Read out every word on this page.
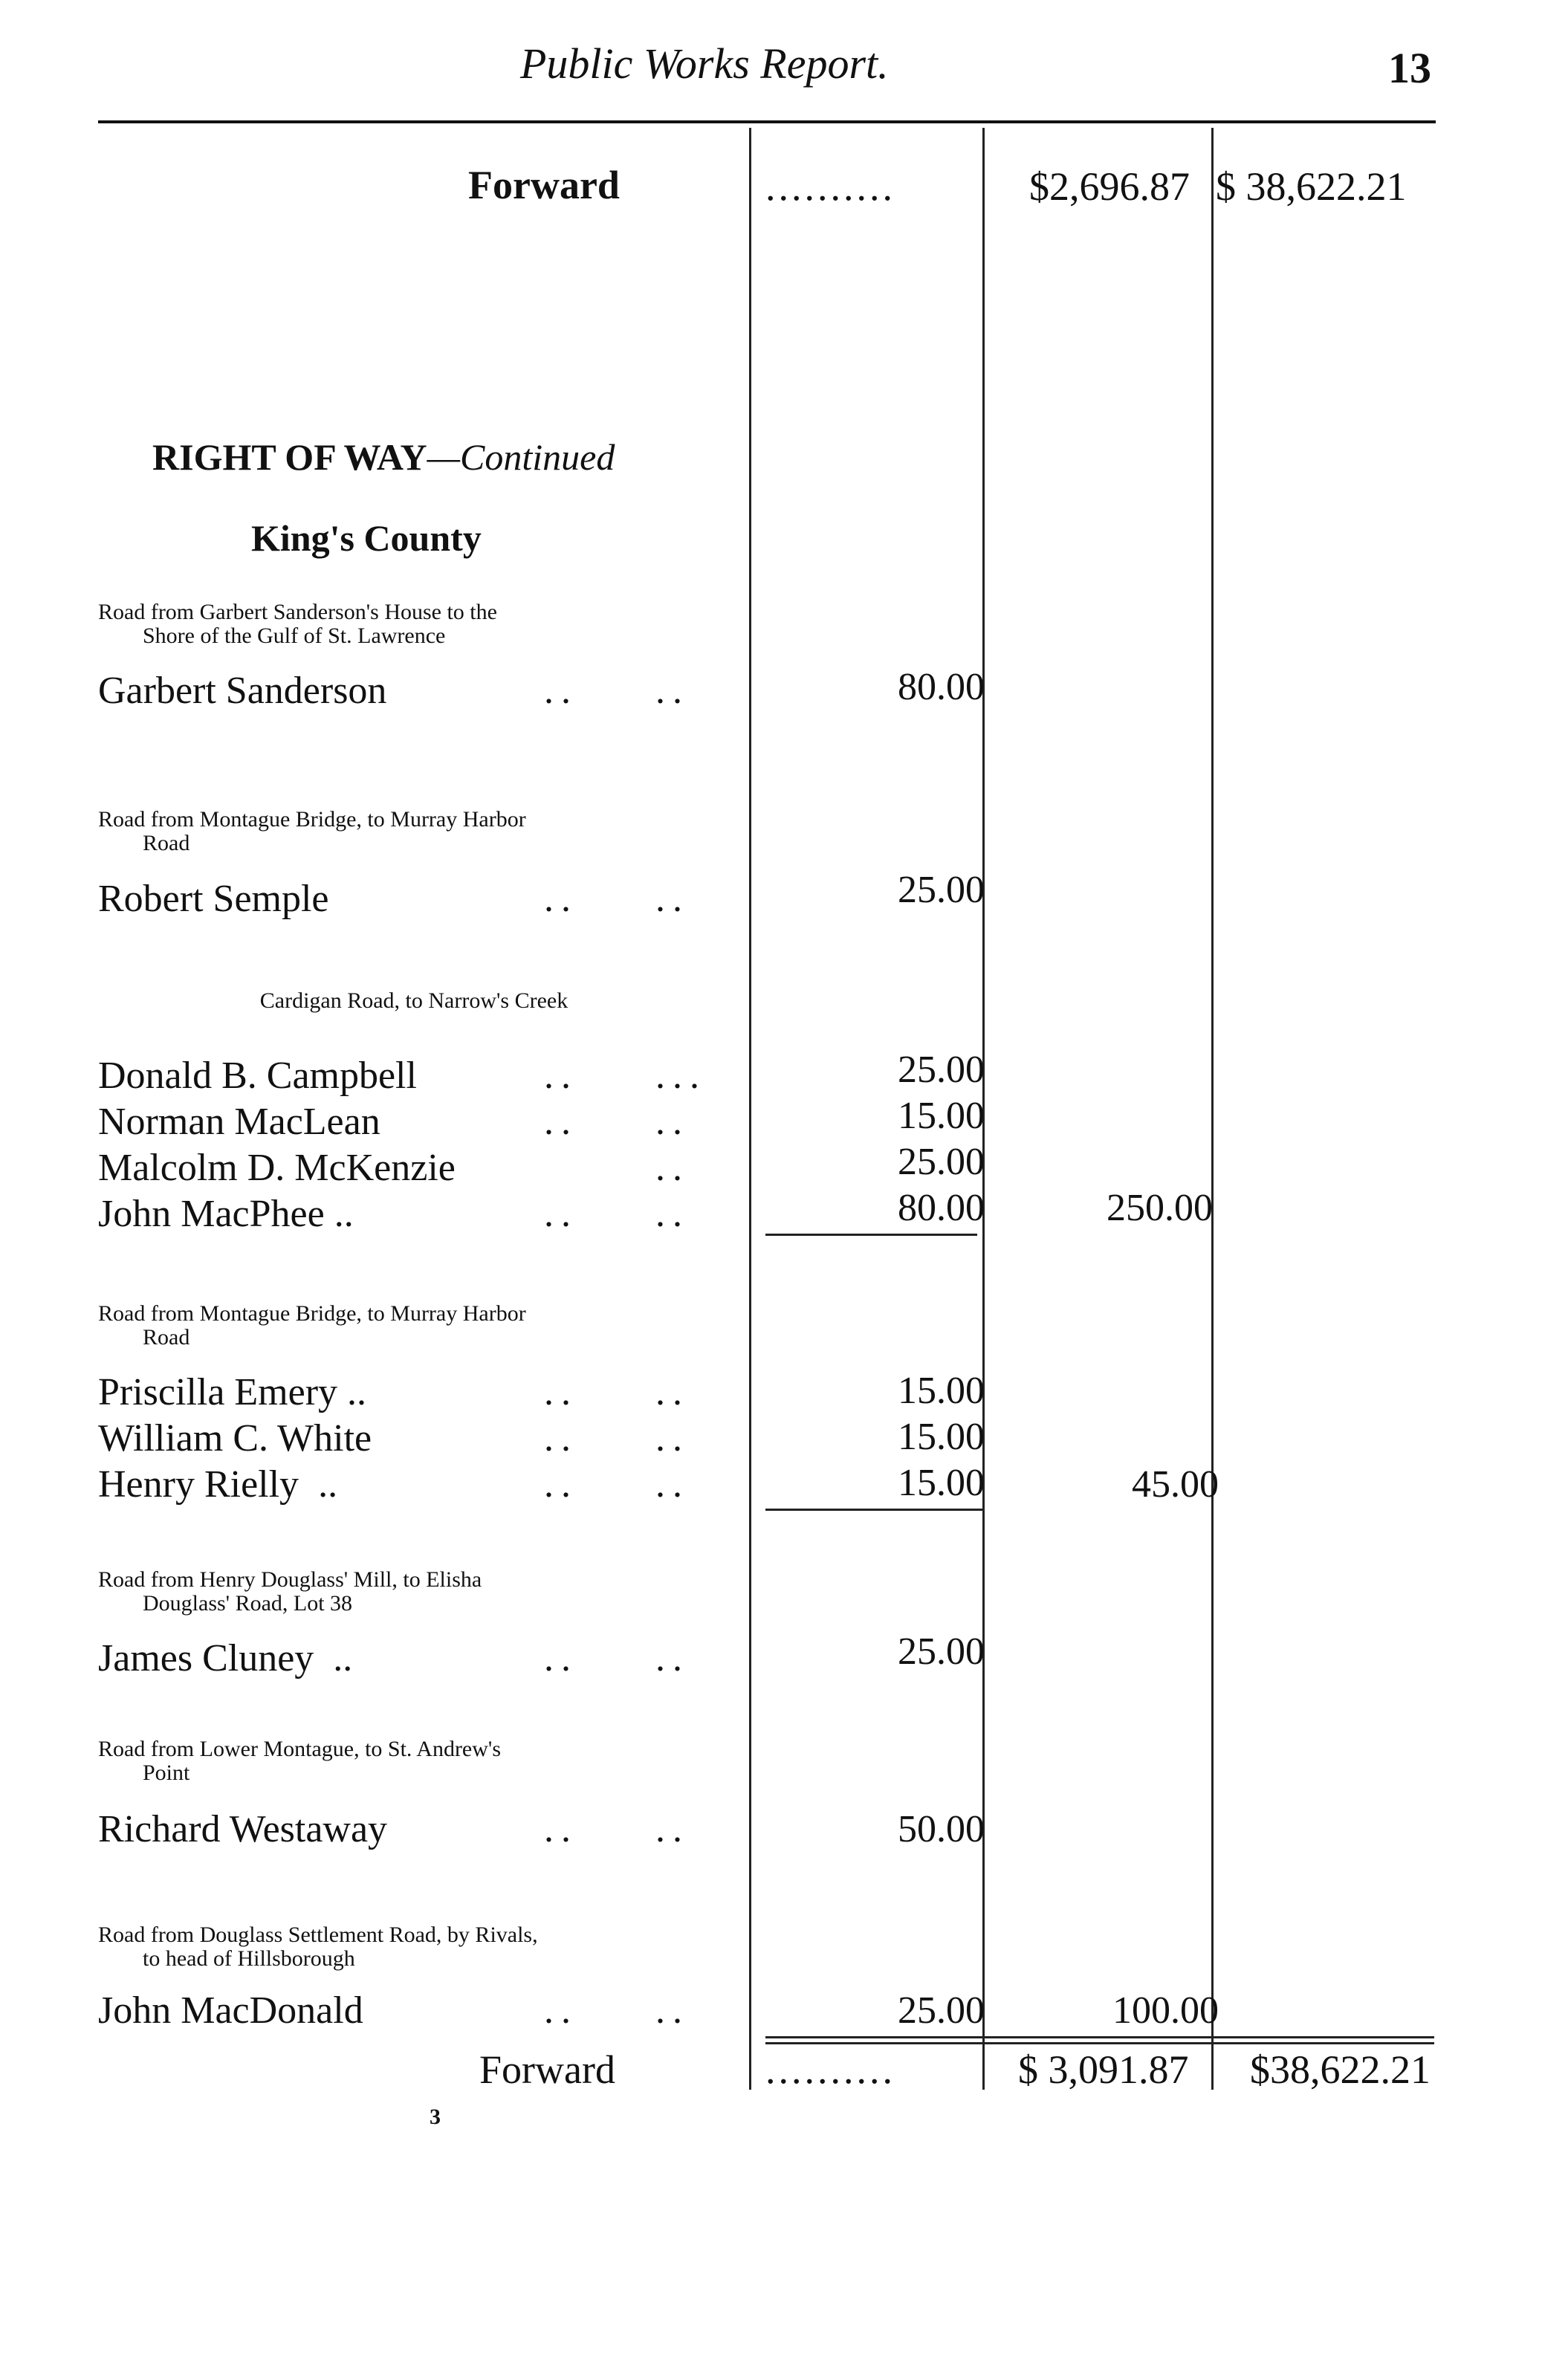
Public Works Report.	13
Forward	..........	$2,696.87 $ 38,622.21
RIGHT OF WAY—Continued
King's County
Road from Garbert Sanderson's House to the
Shore of the Gulf of St. Lawrence
Garbert Sanderson	.. ..	80.00
Road from Montague Bridge, to Murray Harbor
Road
Robert Semple	.. ..	25.00
Cardigan Road, to Narrow's Creek
Donald B. Campbell	.. ...	25.00
Norman MacLean	.. ..	15.00
Malcolm D. McKenzie	..	25.00
John MacPhee ..	.. ..	80.00	250.00
Road from Montague Bridge, to Murray Harbor
Road
Priscilla Emery ..	.. ..	15.00
William C. White	.. ..	15.00
Henry Rielly  ..	.. ..	15.00	45.00
Road from Henry Douglass' Mill, to Elisha
Douglass' Road, Lot 38
James Cluney  ..	.. ..	25.00
Road from Lower Montague, to St. Andrew's
Point
Richard Westaway	.. ..	50.00
Road from Douglass Settlement Road, by Rivals,
to head of Hillsborough
John MacDonald	.. ..	25.00	100.00
Forward	..........	$ 3,091.87 $38,622.21
3
